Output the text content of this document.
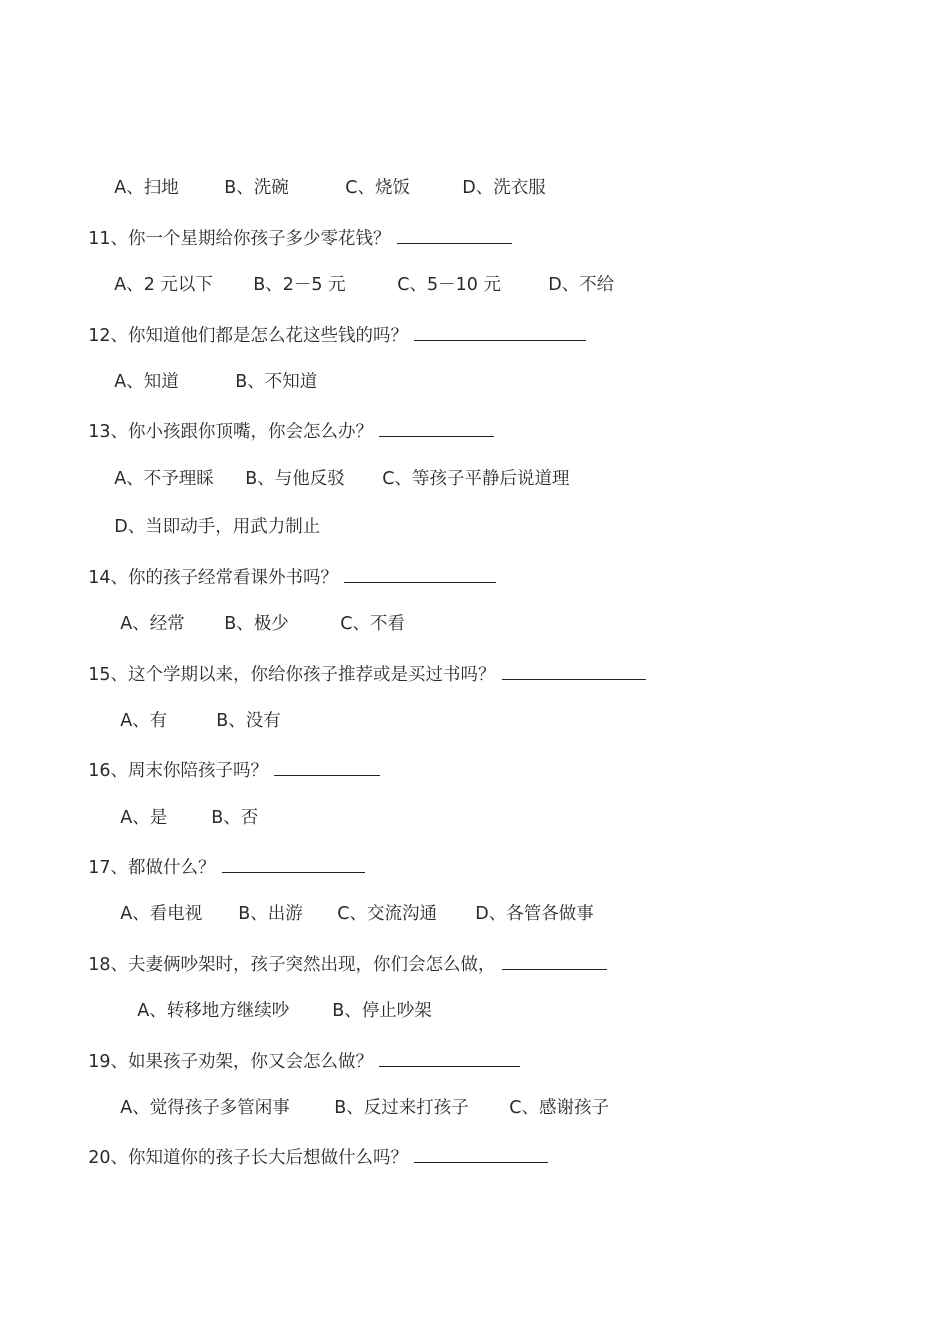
A、扫地	B、洗碗	C、烧饭	D、洗衣服

11、你一个星期给你孩子多少零花钱？

A、2 元以下 B、2－5 元	C、5－10 元	D、不给

12、你知道他们都是怎么花这些钱的吗？

A、知道	B、不知道

13、你小孩跟你顶嘴，你会怎么办？

A、不予理睬 B、与他反驳 C、等孩子平静后说道理

D、当即动手，用武力制止

14、你的孩子经常看课外书吗？

A、经常 B、极少	C、不看

15、这个学期以来，你给你孩子推荐或是买过书吗？

A、有	B、没有

16、周末你陪孩子吗？

A、是	B、否

17、都做什么？

A、看电视 B、出游 C、交流沟通 D、各管各做事

18、夫妻俩吵架时，孩子突然出现，你们会怎么做，

A、转移地方继续吵 B、停止吵架

19、如果孩子劝架，你又会怎么做？

A、觉得孩子多管闲事	B、反过来打孩子 C、感谢孩子

20、你知道你的孩子长大后想做什么吗？
